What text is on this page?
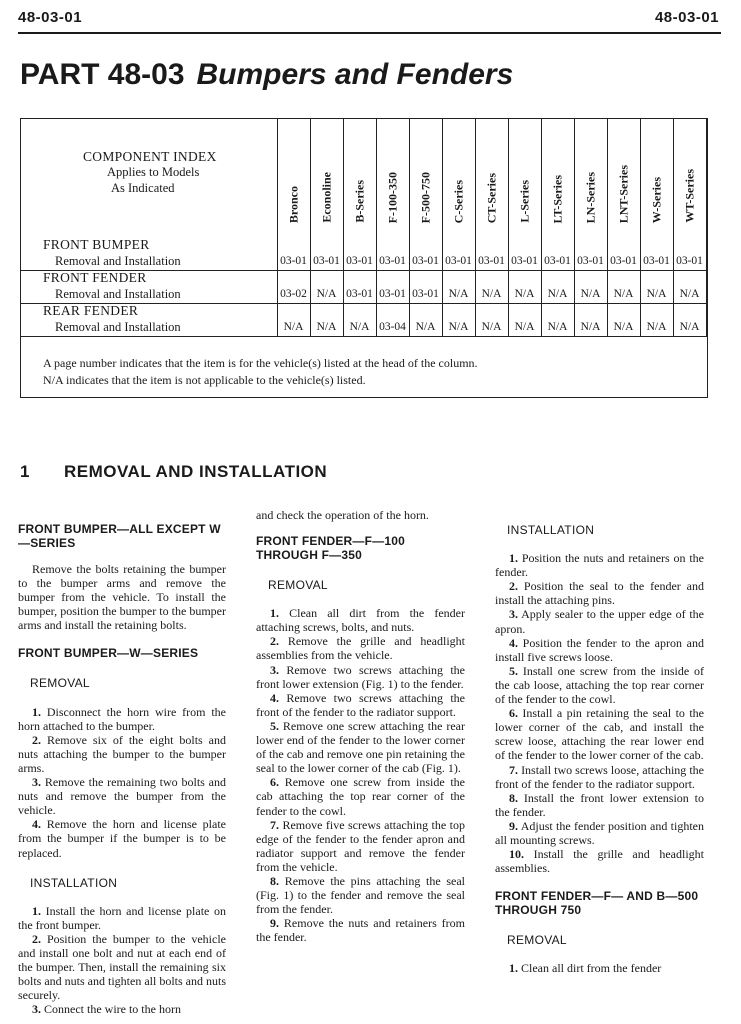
48-03-01	48-03-01
PART 48-03 Bumpers and Fenders
COMPONENT INDEX
Applies to Models
As Indicated
A page number indicates that the item is for the vehicle(s) listed at the head of the column.
N/A indicates that the item is not applicable to the vehicle(s) listed.
Bronco Econoline B-Series F-100-350 F-500-750 C-Series CT-Series L-Series LT-Series LN-Series LNT-Series W-Series WT-Series
FRONT BUMPER
Removal and Installation	03-01 03-01 03-01 03-01 03-01 03-01 03-01 03-01 03-01 03-01 03-01 03-01 03-01
FRONT FENDER
Removal and Installation	03-02 N/A 03-01 03-01 03-01 N/A	N/A	N/A	N/A	N/A	N/A	N/A	N/A
REAR FENDER
Removal and Installation	N/A	N/A	N/A 03-04 N/A	N/A	N/A	N/A	N/A	N/A	N/A	N/A	N/A
1 REMOVAL AND INSTALLATION
FRONT BUMPER—ALL EXCEPT W—SERIES

Remove the bolts retaining the bumper to the bumper arms and remove the bumper from the vehicle. To install the bumper, position the bumper to the bumper arms and install the retaining bolts.

FRONT BUMPER—W—SERIES
REMOVAL

1. Disconnect the horn wire from the horn attached to the bumper.

2. Remove six of the eight bolts and nuts attaching the bumper to the bumper arms.

3. Remove the remaining two bolts and nuts and remove the bumper from the vehicle.

4. Remove the horn and license plate from the bumper if the bumper is to be replaced.

INSTALLATION

1. Install the horn and license plate on the front bumper.

2. Position the bumper to the vehicle and install one bolt and nut at each end of the bumper. Then, install the remaining six bolts and nuts and tighten all bolts and nuts securely.

3. Connect the wire to the horn

and check the operation of the horn.

FRONT FENDER—F—100 THROUGH F—350
REMOVAL

1. Clean all dirt from the fender attaching screws, bolts, and nuts.

2. Remove the grille and headlight assemblies from the vehicle.

3. Remove two screws attaching the front lower extension (Fig. 1) to the fender.

4. Remove two screws attaching the front of the fender to the radiator support.

5. Remove one screw attaching the rear lower end of the fender to the lower corner of the cab and remove one pin retaining the seal to the lower corner of the cab (Fig. 1).

6. Remove one screw from inside the cab attaching the top rear corner of the fender to the cowl.

7. Remove five screws attaching the top edge of the fender to the fender apron and radiator support and remove the fender from the vehicle.

8. Remove the pins attaching the seal (Fig. 1) to the fender and remove the seal from the fender.

9. Remove the nuts and retainers from the fender.

INSTALLATION

1. Position the nuts and retainers on the fender.

2. Position the seal to the fender and install the attaching pins.

3. Apply sealer to the upper edge of the apron.

4. Position the fender to the apron and install five screws loose.

5. Install one screw from the inside of the cab loose, attaching the top rear corner of the fender to the cowl.

6. Install a pin retaining the seal to the lower corner of the cab, and install the screw loose, attaching the rear lower end of the fender to the lower corner of the cab.

7. Install two screws loose, attaching the front of the fender to the radiator support.

8. Install the front lower extension to the fender.

9. Adjust the fender position and tighten all mounting screws.

10. Install the grille and headlight assemblies.

FRONT FENDER—F— AND B—500 THROUGH 750
REMOVAL

1. Clean all dirt from the fender
